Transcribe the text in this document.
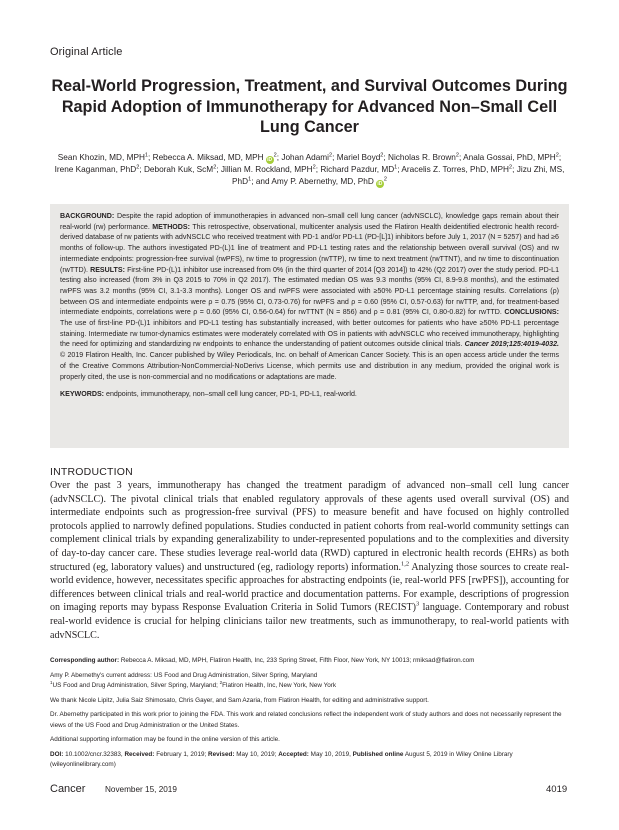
Original Article
Real-World Progression, Treatment, and Survival Outcomes During Rapid Adoption of Immunotherapy for Advanced Non–Small Cell Lung Cancer
Sean Khozin, MD, MPH$^1$; Rebecca A. Miksad, MD, MPH $iD^2$; Johan Adami$^2$; Mariel Boyd$^2$; Nicholas R. Brown$^2$; Anala Gossai, PhD, MPH$^2$; Irene Kaganman, PhD$^2$; Deborah Kuk, ScM$^2$; Jillian M. Rockland, MPH$^2$; Richard Pazdur, $MD^1$; Aracelis Z. Torres, PhD, MPH$^2$; Jizu Zhi, MS, PhD$^1$; and Amy P. Abernethy, MD, PhD $iD^2$
BACKGROUND: Despite the rapid adoption of immunotherapies in advanced non–small cell lung cancer (advNSCLC), knowledge gaps remain about their real-world (rw) performance. METHODS: This retrospective, observational, multicenter analysis used the Flatiron Health deidentified electronic health record-derived database of rw patients with advNSCLC who received treatment with PD-1 and/or PD-L1 (PD-[L]1) inhibitors before July 1, 2017 (N = 5257) and had ≥6 months of follow-up. The authors investigated PD-(L)1 line of treatment and PD-L1 testing rates and the relationship between overall survival (OS) and rw intermediate endpoints: progression-free survival (rwPFS), rw time to progression (rwTTP), rw time to next treatment (rwTTNT), and rw time to discontinuation (rwTTD). RESULTS: First-line PD-(L)1 inhibitor use increased from 0% (in the third quarter of 2014 [Q3 2014]) to 42% (Q2 2017) over the study period. PD-L1 testing also increased (from 3% in Q3 2015 to 70% in Q2 2017). The estimated median OS was 9.3 months (95% CI, 8.9-9.8 months), and the estimated rwPFS was 3.2 months (95% CI, 3.1-3.3 months). Longer OS and rwPFS were associated with ≥50% PD-L1 percentage staining results. Correlations (ρ) between OS and intermediate endpoints were ρ = 0.75 (95% CI, 0.73-0.76) for rwPFS and ρ = 0.60 (95% CI, 0.57-0.63) for rwTTP, and, for treatment-based intermediate endpoints, correlations were ρ = 0.60 (95% CI, 0.56-0.64) for rwTTNT (N = 856) and ρ = 0.81 (95% CI, 0.80-0.82) for rwTTD. CONCLUSIONS: The use of first-line PD-(L)1 inhibitors and PD-L1 testing has substantially increased, with better outcomes for patients who have ≥50% PD-L1 percentage staining. Intermediate rw tumor-dynamics estimates were moderately correlated with OS in patients with advNSCLC who received immunotherapy, highlighting the need for optimizing and standardizing rw endpoints to enhance the understanding of patient outcomes outside clinical trials. Cancer 2019;125:4019-4032. © 2019 Flatiron Health, Inc. Cancer published by Wiley Periodicals, Inc. on behalf of American Cancer Society. This is an open access article under the terms of the Creative Commons Attribution-NonCommercial-NoDerivs License, which permits use and distribution in any medium, provided the original work is properly cited, the use is non-commercial and no modifications or adaptations are made.
KEYWORDS: endpoints, immunotherapy, non–small cell lung cancer, PD-1, PD-L1, real-world.
INTRODUCTION
Over the past 3 years, immunotherapy has changed the treatment paradigm of advanced non–small cell lung cancer (advNSCLC). The pivotal clinical trials that enabled regulatory approvals of these agents used overall survival (OS) and intermediate endpoints such as progression-free survival (PFS) to measure benefit and have focused on highly controlled protocols applied to narrowly defined populations. Studies conducted in patient cohorts from real-world community settings can complement clinical trials by expanding generalizability to under-represented populations and to the complexities and diversity of day-to-day cancer care. These studies leverage real-world data (RWD) captured in electronic health records (EHRs) as both structured (eg, laboratory values) and unstructured (eg, radiology reports) information.$^{1,2}$ Analyzing those sources to create real-world evidence, however, necessitates specific approaches for abstracting endpoints (ie, real-world PFS [rwPFS]), accounting for differences between clinical trials and real-world practice and documentation patterns. For example, descriptions of progression on imaging reports may bypass Response Evaluation Criteria in Solid Tumors (RECIST)$^3$ language. Contemporary and robust real-world evidence is crucial for helping clinicians tailor new treatments, such as immunotherapy, to real-world patients with advNSCLC.

Corresponding author: Rebecca A. Miksad, MD, MPH, Flatiron Health, Inc, 233 Spring Street, Fifth Floor, New York, NY 10013; rmiksad@flatiron.com

Amy P. Abernethy's current address: US Food and Drug Administration, Silver Spring, Maryland

$^1$US Food and Drug Administration, Silver Spring, Maryland; $^2$Flatiron Health, Inc, New York, New York

We thank Nicole Lipitz, Julia Saiz Shimosato, Chris Gayer, and Sam Azaria, from Flatiron Health, for editing and administrative support.

Dr. Abernethy participated in this work prior to joining the FDA. This work and related conclusions reflect the independent work of study authors and does not necessarily represent the views of the US Food and Drug Administration or the United States.

Additional supporting information may be found in the online version of this article.

DOI: 10.1002/cncr.32383, Received: February 1, 2019; Revised: May 10, 2019; Accepted: May 10, 2019, Published online August 5, 2019 in Wiley Online Library (wileyonlinelibrary.com)

Cancer November 15, 2019	4019
